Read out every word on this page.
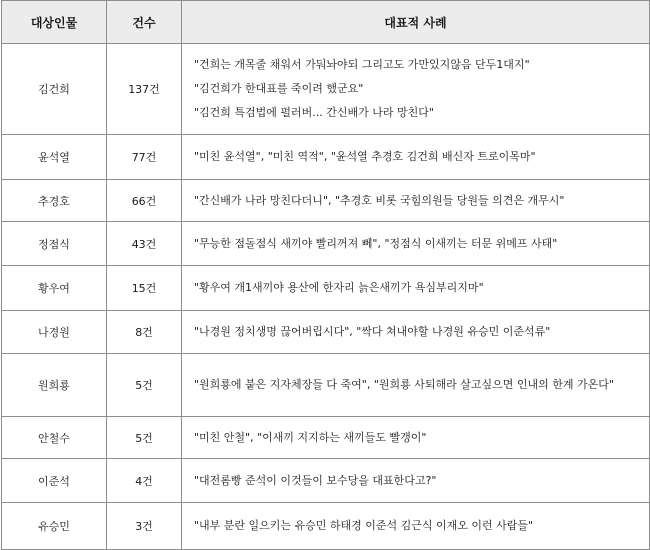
대상인물	건수	대표적 사례
김건희	137건	"건희는 개목줄 채워서 가둬놔야되 그리고도 가만있지않음 단두1대지"
"김건희가 한대표를 죽이려 했군요"
"김건희 특검법에 펄러버... 간신배가 나라 망친다"

윤석열	77건	"미친 윤석열", "미친 역적", "윤석열 추경호 김건희 배신자 트로이목마"

추경호	66건	"간신배가 나라 망친다더니", "추경호 비롯 국힘의원들 당원들 의견은 개무시"

정점식	43건	"무능한 점돌점식 새끼야 빨리꺼져 뻬", "정점식 이새끼는 터문 위메프 사태"

황우여	15건	"황우여 개1새끼야 용산에 한자리 늙은새끼가 욕심부리지마"

나경원	8건	"나경원 정치생명 끊어버립시다", "싹다 쳐내야할 나경원 유승민 이준석류"

원희룡	5건	"원희룡에 붙은 지자체장들 다 죽여", "원희룡 사퇴해라 살고싶으면 인내의 한계 가온다"

안철수	5건	"미친 안철", "이새끼 지지하는 새끼들도 빨갱이"

이준석	4건	"대전롬빵 준석이 이것들이 보수당을 대표한다고?"

유승민	3건	"내부 분란 일으키는 유승민 하태경 이준석 김근식 이재오 이런 사람들"
